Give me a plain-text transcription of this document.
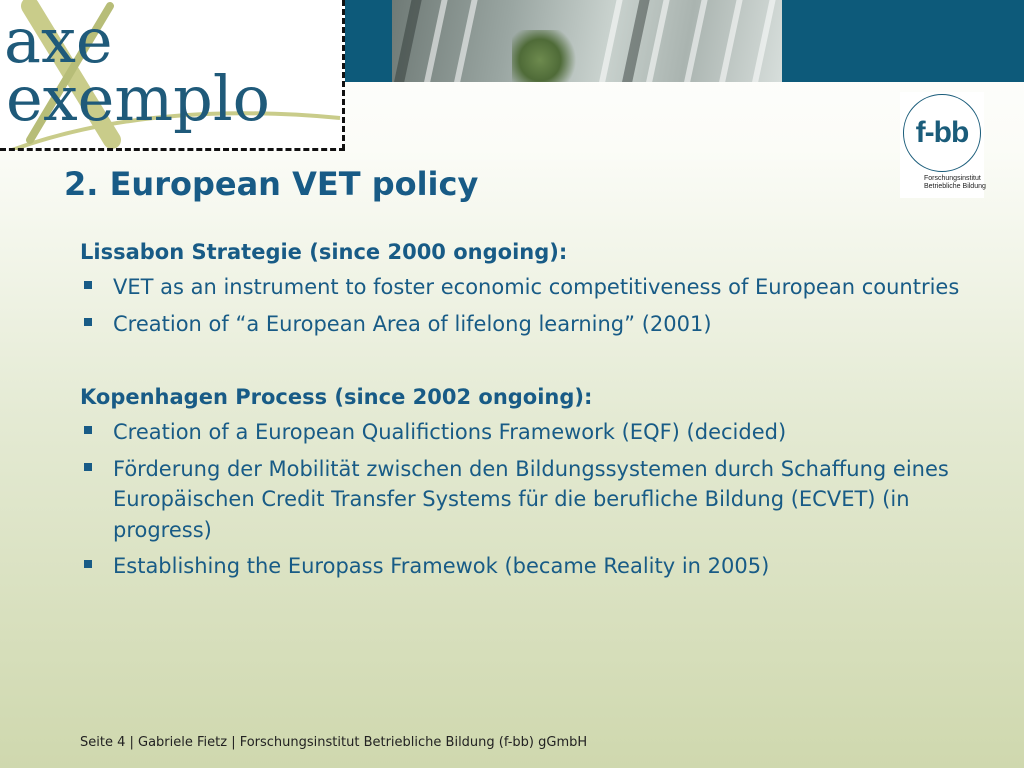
axe
exemplo	f-bb
Forschungsinstitut
Betriebliche Bildung
2. European VET policy
Lissabon Strategie (since 2000 ongoing):
VET as an instrument to foster economic competitiveness of European countries
Creation of “a European Area of lifelong learning” (2001)
Kopenhagen Process (since 2002 ongoing):
Creation of a European Qualifictions Framework (EQF) (decided)
Förderung der Mobilität zwischen den Bildungssystemen durch Schaffung eines Europäischen Credit Transfer Systems für die berufliche Bildung (ECVET) (in progress)
Establishing the Europass Framewok (became Reality in 2005)
Seite 4 | Gabriele Fietz | Forschungsinstitut Betriebliche Bildung (f-bb) gGmbH
